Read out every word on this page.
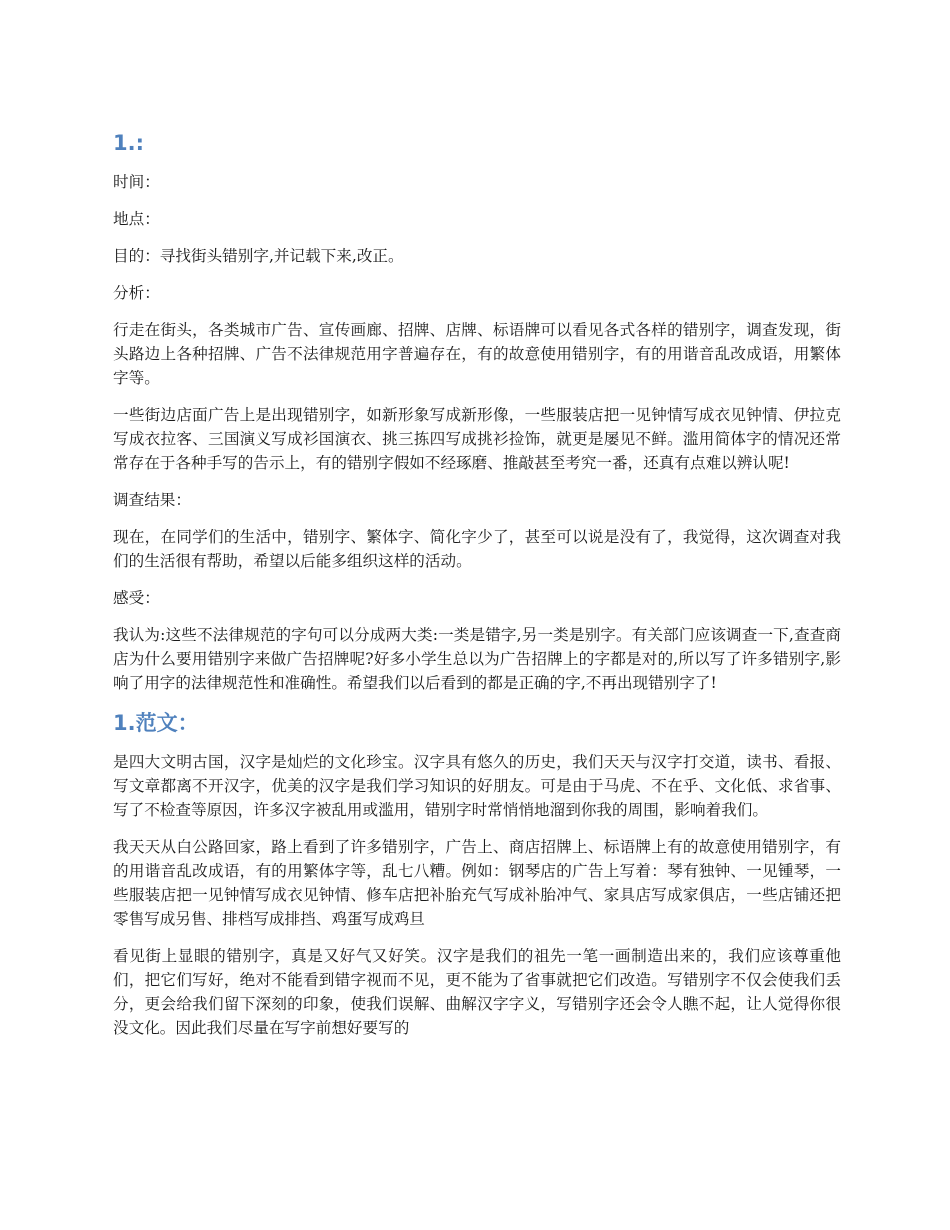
1.:
时间：
地点：
目的：寻找街头错别字,并记载下来,改正。
分析：
行走在街头，各类城市广告、宣传画廊、招牌、店牌、标语牌可以看见各式各样的错别字，调查发现，街头路边上各种招牌、广告不法律规范用字普遍存在，有的故意使用错别字，有的用谐音乱改成语，用繁体字等。
一些街边店面广告上是出现错别字，如新形象写成新形像，一些服装店把一见钟情写成衣见钟情、伊拉克写成衣拉客、三国演义写成衫国演衣、挑三拣四写成挑衫捡饰，就更是屡见不鲜。滥用简体字的情况还常常存在于各种手写的告示上，有的错别字假如不经琢磨、推敲甚至考究一番，还真有点难以辨认呢!
调查结果：
现在，在同学们的生活中，错别字、繁体字、简化字少了，甚至可以说是没有了，我觉得，这次调查对我们的生活很有帮助，希望以后能多组织这样的活动。
感受：
我认为:这些不法律规范的字句可以分成两大类:一类是错字,另一类是别字。有关部门应该调查一下,查查商店为什么要用错别字来做广告招牌呢?好多小学生总以为广告招牌上的字都是对的,所以写了许多错别字,影响了用字的法律规范性和准确性。希望我们以后看到的都是正确的字,不再出现错别字了!
1.范文：
是四大文明古国，汉字是灿烂的文化珍宝。汉字具有悠久的历史，我们天天与汉字打交道，读书、看报、写文章都离不开汉字，优美的汉字是我们学习知识的好朋友。可是由于马虎、不在乎、文化低、求省事、写了不检查等原因，许多汉字被乱用或滥用，错别字时常悄悄地溜到你我的周围，影响着我们。
我天天从白公路回家，路上看到了许多错别字，广告上、商店招牌上、标语牌上有的故意使用错别字，有的用谐音乱改成语，有的用繁体字等，乱七八糟。例如：钢琴店的广告上写着：琴有独钟、一见锺琴，一些服装店把一见钟情写成衣见钟情、修车店把补胎充气写成补胎冲气、家具店写成家俱店，一些店铺还把零售写成另售、排档写成排挡、鸡蛋写成鸡旦
看见街上显眼的错别字，真是又好气又好笑。汉字是我们的祖先一笔一画制造出来的，我们应该尊重他们，把它们写好，绝对不能看到错字视而不见，更不能为了省事就把它们改造。写错别字不仅会使我们丢分，更会给我们留下深刻的印象，使我们误解、曲解汉字字义，写错别字还会令人瞧不起，让人觉得你很没文化。因此我们尽量在写字前想好要写的
